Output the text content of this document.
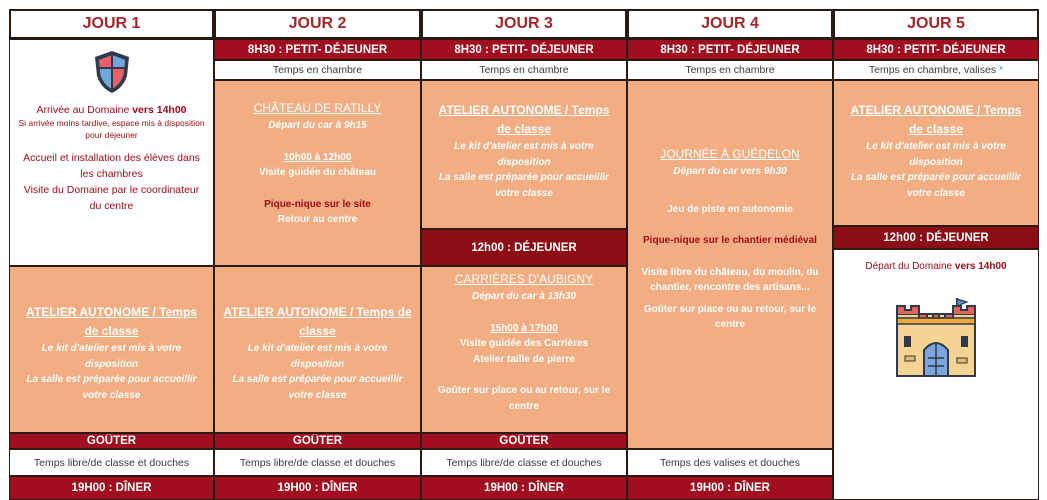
JOUR 1
Arrivée au Domaine vers 14h00
Si arrivée moins tardive, espace mis à disposition pour déjeuner
Accueil et installation des élèves dans les chambres
Visite du Domaine par le coordinateur du centre
ATELIER AUTONOME / Temps de classe
Le kit d'atelier est mis à votre disposition
La salle est préparée pour accueillir votre classe
GOÛTER
Temps libre/de classe et douches
19H00 : DÎNER
JOUR 2
8H30 : PETIT- DÉJEUNER
Temps en chambre
CHÂTEAU DE RATILLY
Départ du car à 9h15
10h00 à 12h00
Visite guidée du château
Pique-nique sur le site
Retour au centre
ATELIER AUTONOME / Temps de classe
Le kit d'atelier est mis à votre disposition
La salle est préparée pour accueillir votre classe
GOÛTER
Temps libre/de classe et douches
19H00 : DÎNER
JOUR 3
8H30 : PETIT- DÉJEUNER
Temps en chambre
ATELIER AUTONOME / Temps de classe
Le kit d'atelier est mis à votre disposition
La salle est préparée pour accueillir votre classe
12h00 : DÉJEUNER
CARRIÈRES D'AUBIGNY
Départ du car à 13h30
15h00 à 17h00
Visite guidée des Carrières
Atelier taille de pierre
Goûter sur place ou au retour, sur le centre
GOÛTER
Temps libre/de classe et douches
19H00 : DÎNER
JOUR 4
8H30 : PETIT- DÉJEUNER
Temps en chambre
JOURNÉE À GUÉDELON
Départ du car vers 9h30
Jeu de piste en autonomie
Pique-nique sur le chantier médiéval
Visite libre du château, du moulin, du chantier, rencontre des artisans...
Goûter sur place ou au retour, sur le centre
Temps des valises et douches
19H00 : DÎNER
JOUR 5
8H30 : PETIT- DÉJEUNER
Temps en chambre, valises
*
ATELIER AUTONOME / Temps de classe
Le kit d'atelier est mis à votre disposition
La salle est préparée pour accueillir votre classe
12h00 : DÉJEUNER
Départ du Domaine vers 14h00
